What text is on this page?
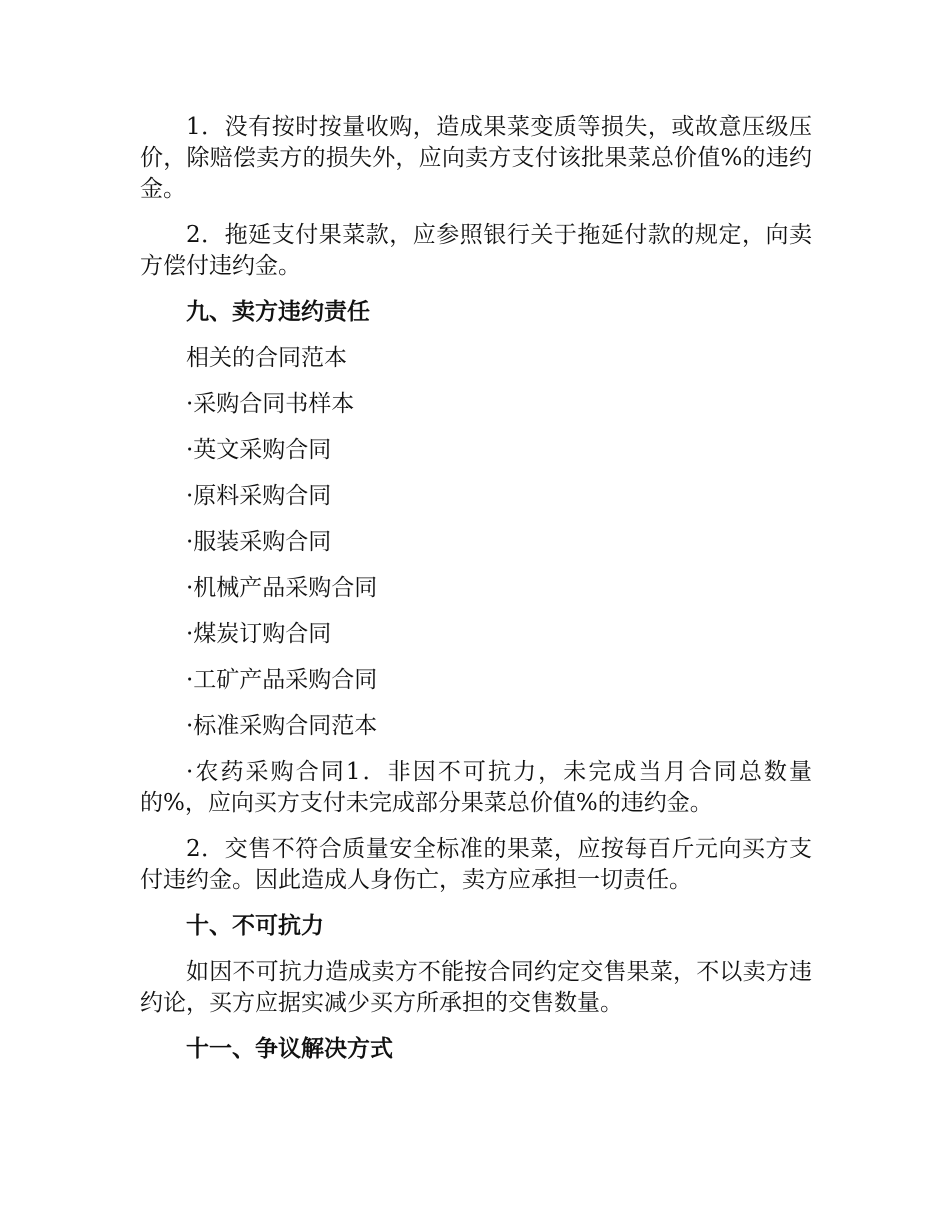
1．没有按时按量收购，造成果菜变质等损失，或故意压级压价，除赔偿卖方的损失外，应向卖方支付该批果菜总价值%的违约金。

2．拖延支付果菜款，应参照银行关于拖延付款的规定，向卖方偿付违约金。

九、卖方违约责任

相关的合同范本

·采购合同书样本

·英文采购合同

·原料采购合同

·服装采购合同

·机械产品采购合同

·煤炭订购合同

·工矿产品采购合同

·标准采购合同范本

·农药采购合同1．非因不可抗力，未完成当月合同总数量的%，应向买方支付未完成部分果菜总价值%的违约金。

2．交售不符合质量安全标准的果菜，应按每百斤元向买方支付违约金。因此造成人身伤亡，卖方应承担一切责任。

十、不可抗力

如因不可抗力造成卖方不能按合同约定交售果菜，不以卖方违约论，买方应据实减少买方所承担的交售数量。

十一、争议解决方式
